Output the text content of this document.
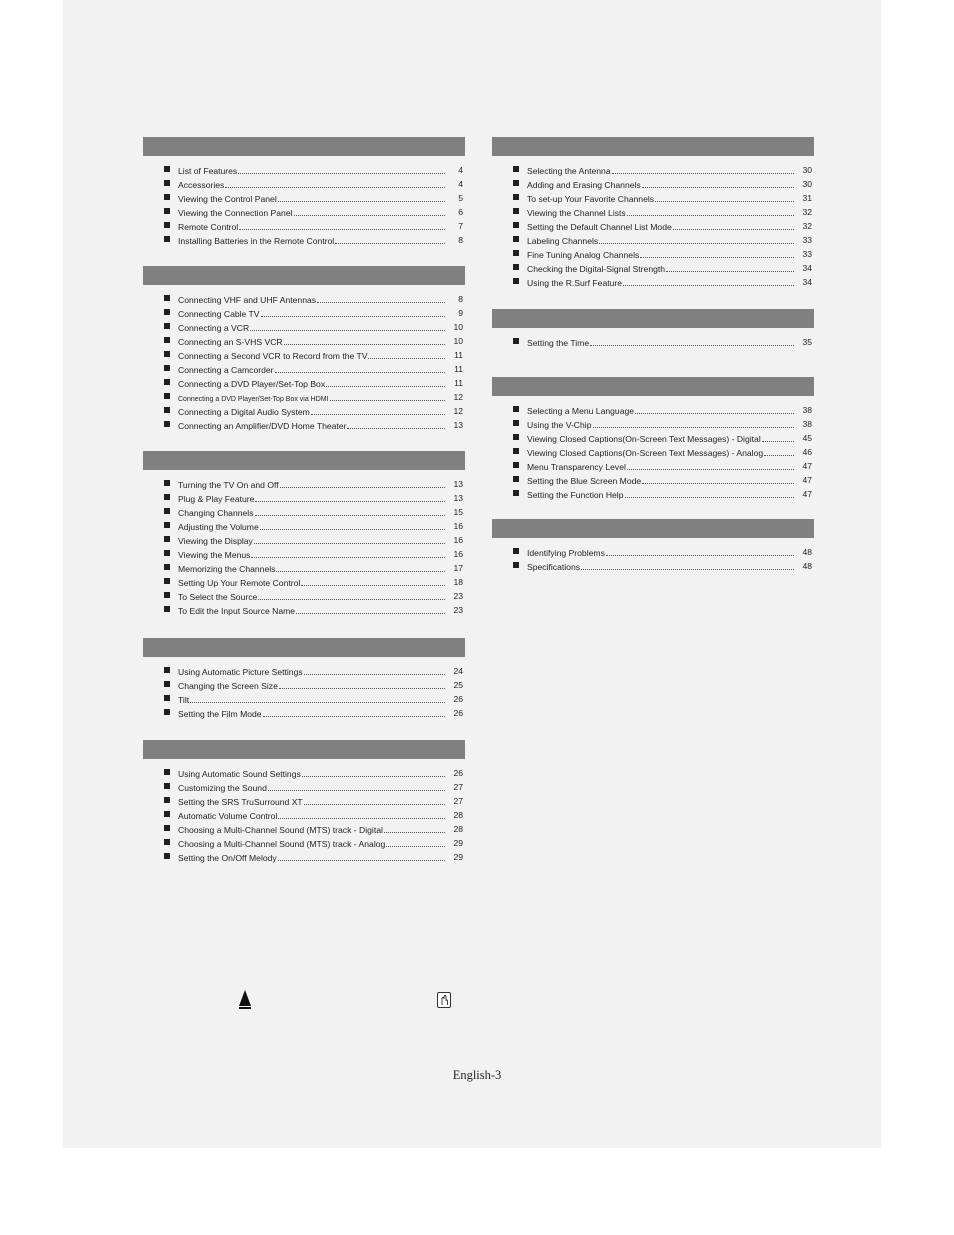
List of Features	4
Accessories	4
Viewing the Control Panel	5
Viewing the Connection Panel	6
Remote Control	7
Installing Batteries in the Remote Control	8
Connecting VHF and UHF Antennas	8
Connecting Cable TV	9
Connecting a VCR	10
Connecting an S-VHS VCR	10
Connecting a Second VCR to Record from the TV	11
Connecting a Camcorder	11
Connecting a DVD Player/Set-Top Box	11
Connecting a DVD Player/Set-Top Box via HDMI	12
Connecting a Digital Audio System	12
Connecting an Amplifier/DVD Home Theater	13
Turning the TV On and Off	13
Plug & Play Feature	13
Changing Channels	15
Adjusting the Volume	16
Viewing the Display	16
Viewing the Menus	16
Memorizing the Channels	17
Setting Up Your Remote Control	18
To Select the Source	23
To Edit the Input Source Name	23
Using Automatic Picture Settings	24
Changing the Screen Size	25
Tilt	26
Setting the Film Mode	26
Using Automatic Sound Settings	26
Customizing the Sound	27
Setting the SRS TruSurround XT	27
Automatic Volume Control	28
Choosing a Multi-Channel Sound (MTS) track - Digital	28
Choosing a Multi-Channel Sound (MTS) track - Analog	29
Setting the On/Off Melody	29
Selecting the Antenna	30
Adding and Erasing Channels	30
To set-up Your Favorite Channels	31
Viewing the Channel Lists	32
Setting the Default Channel List Mode	32
Labeling Channels	33
Fine Tuning Analog Channels	33
Checking the Digital-Signal Strength	34
Using the R.Surf Feature	34
Setting the Time	35
Selecting a Menu Language	38
Using the V-Chip	38
Viewing Closed Captions(On-Screen Text Messages) - Digital	45
Viewing Closed Captions(On-Screen Text Messages) - Analog	46
Menu Transparency Level	47
Setting the Blue Screen Mode	47
Setting the Function Help	47
Identifying Problems	48
Specifications	48
English-3
